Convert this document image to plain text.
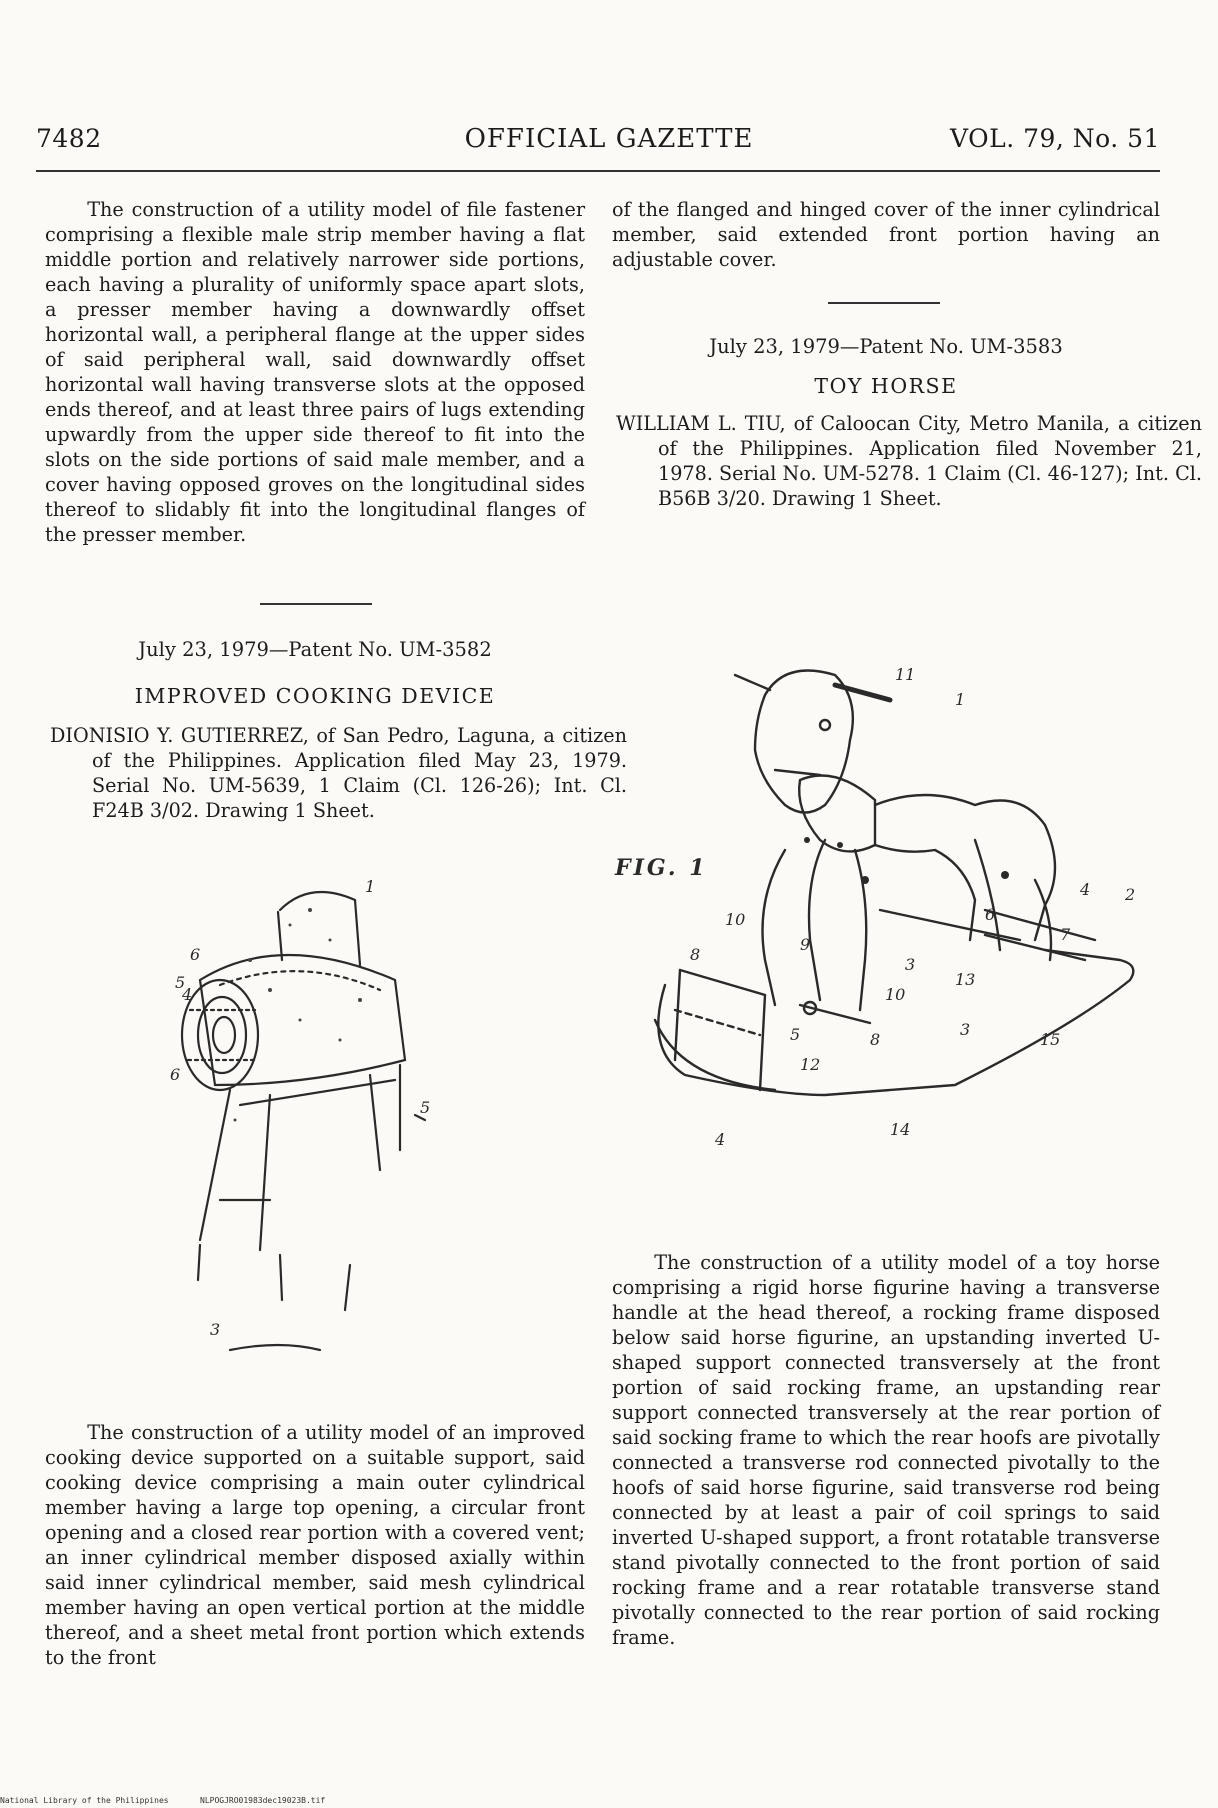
7482	OFFICIAL GAZETTE	VOL. 79, No. 51

The construction of a utility model of file fastener comprising a flexible male strip member having a flat middle portion and relatively narrower side portions, each having a plurality of uniformly space apart slots, a presser member having a downwardly offset horizontal wall, a peripheral flange at the upper sides of said peripheral wall, said downwardly offset horizontal wall having transverse slots at the opposed ends thereof, and at least three pairs of lugs extending upwardly from the upper side thereof to fit into the slots on the side portions of said male member, and a cover having opposed groves on the longitudinal sides thereof to slidably fit into the longitudinal flanges of the presser member.

July 23, 1979—Patent No. UM-3582
IMPROVED COOKING DEVICE
DIONISIO Y. GUTIERREZ, of San Pedro, Laguna, a citizen of the Philippines. Application filed May 23, 1979. Serial No. UM-5639, 1 Claim (Cl. 126-26); Int. Cl. F24B 3/02. Drawing 1 Sheet.
1
6
4
5
6
5
3

The construction of a utility model of an improved cooking device supported on a suitable support, said cooking device comprising a main outer cylindrical member having a large top opening, a circular front opening and a closed rear portion with a covered vent; an inner cylindrical member disposed axially within said inner cylindrical member, said mesh cylindrical member having an open vertical portion at the middle thereof, and a sheet metal front portion which extends to the front

of the flanged and hinged cover of the inner cylindrical member, said extended front portion having an adjustable cover.

July 23, 1979—Patent No. UM-3583
TOY HORSE
WILLIAM L. TIU, of Caloocan City, Metro Manila, a citizen of the Philippines. Application filed November 21, 1978. Serial No. UM-5278. 1 Claim (Cl. 46-127); Int. Cl. B56B 3/20. Drawing 1 Sheet.
11
1
2
4
10
8
9
6
7
3
13
10
5	8
3
12
15
4
14
FIG. 1

The construction of a utility model of a toy horse comprising a rigid horse figurine having a transverse handle at the head thereof, a rocking frame disposed below said horse figurine, an upstanding inverted U-shaped support connected transversely at the front portion of said rocking frame, an upstanding rear support connected transversely at the rear portion of said socking frame to which the rear hoofs are pivotally connected a transverse rod connected pivotally to the hoofs of said horse figurine, said transverse rod being connected by at least a pair of coil springs to said inverted U-shaped support, a front rotatable transverse stand pivotally connected to the front portion of said rocking frame and a rear rotatable transverse stand pivotally connected to the rear portion of said rocking frame.

National Library of the Philippines	NLPOGJRO01983dec19023B.tif
